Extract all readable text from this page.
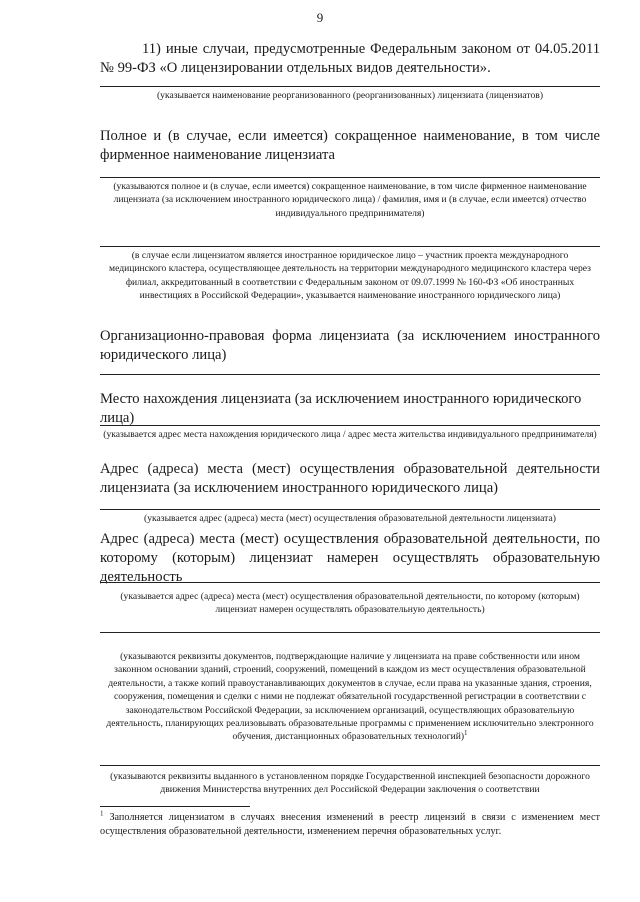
9
11) иные случаи, предусмотренные Федеральным законом от 04.05.2011 № 99-ФЗ «О лицензировании отдельных видов деятельности».
(указывается наименование реорганизованного (реорганизованных) лицензиата (лицензиатов)
Полное и (в случае, если имеется) сокращенное наименование, в том числе фирменное наименование лицензиата
(указываются полное и (в случае, если имеется) сокращенное наименование, в том числе фирменное наименование лицензиата (за исключением иностранного юридического лица) / фамилия, имя и (в случае, если имеется) отчество индивидуального предпринимателя)
(в случае если лицензиатом является иностранное юридическое лицо – участник проекта международного медицинского кластера, осуществляющее деятельность на территории международного медицинского кластера через филиал, аккредитованный в соответствии с Федеральным законом от 09.07.1999 № 160-ФЗ «Об иностранных инвестициях в Российской Федерации», указывается наименование иностранного юридического лица)
Организационно-правовая форма лицензиата (за исключением иностранного юридического лица)
Место нахождения лицензиата (за исключением иностранного юридического лица)
(указывается адрес места нахождения юридического лица / адрес места жительства индивидуального предпринимателя)
Адрес (адреса) места (мест) осуществления образовательной деятельности лицензиата (за исключением иностранного юридического лица)
(указывается адрес (адреса) места (мест) осуществления образовательной деятельности лицензиата)
Адрес (адреса) места (мест) осуществления образовательной деятельности, по которому (которым) лицензиат намерен осуществлять образовательную деятельность
(указывается адрес (адреса) места (мест) осуществления образовательной деятельности, по которому (которым) лицензиат намерен осуществлять образовательную деятельность)
(указываются реквизиты документов, подтверждающие наличие у лицензиата на праве собственности или ином законном основании зданий, строений, сооружений, помещений в каждом из мест осуществления образовательной деятельности, а также копий правоустанавливающих документов в случае, если права на указанные здания, строения, сооружения, помещения и сделки с ними не подлежат обязательной государственной регистрации в соответствии с законодательством Российской Федерации, за исключением организаций, осуществляющих образовательную деятельность, планирующих реализовывать образовательные программы с применением исключительно электронного обучения, дистанционных образовательных технологий)$^1$
(указываются реквизиты выданного в установленном порядке Государственной инспекцией безопасности дорожного движения Министерства внутренних дел Российской Федерации заключения о соответствии
$^1$ Заполняется лицензиатом в случаях внесения изменений в реестр лицензий в связи с изменением мест осуществления образовательной деятельности, изменением перечня образовательных услуг.
